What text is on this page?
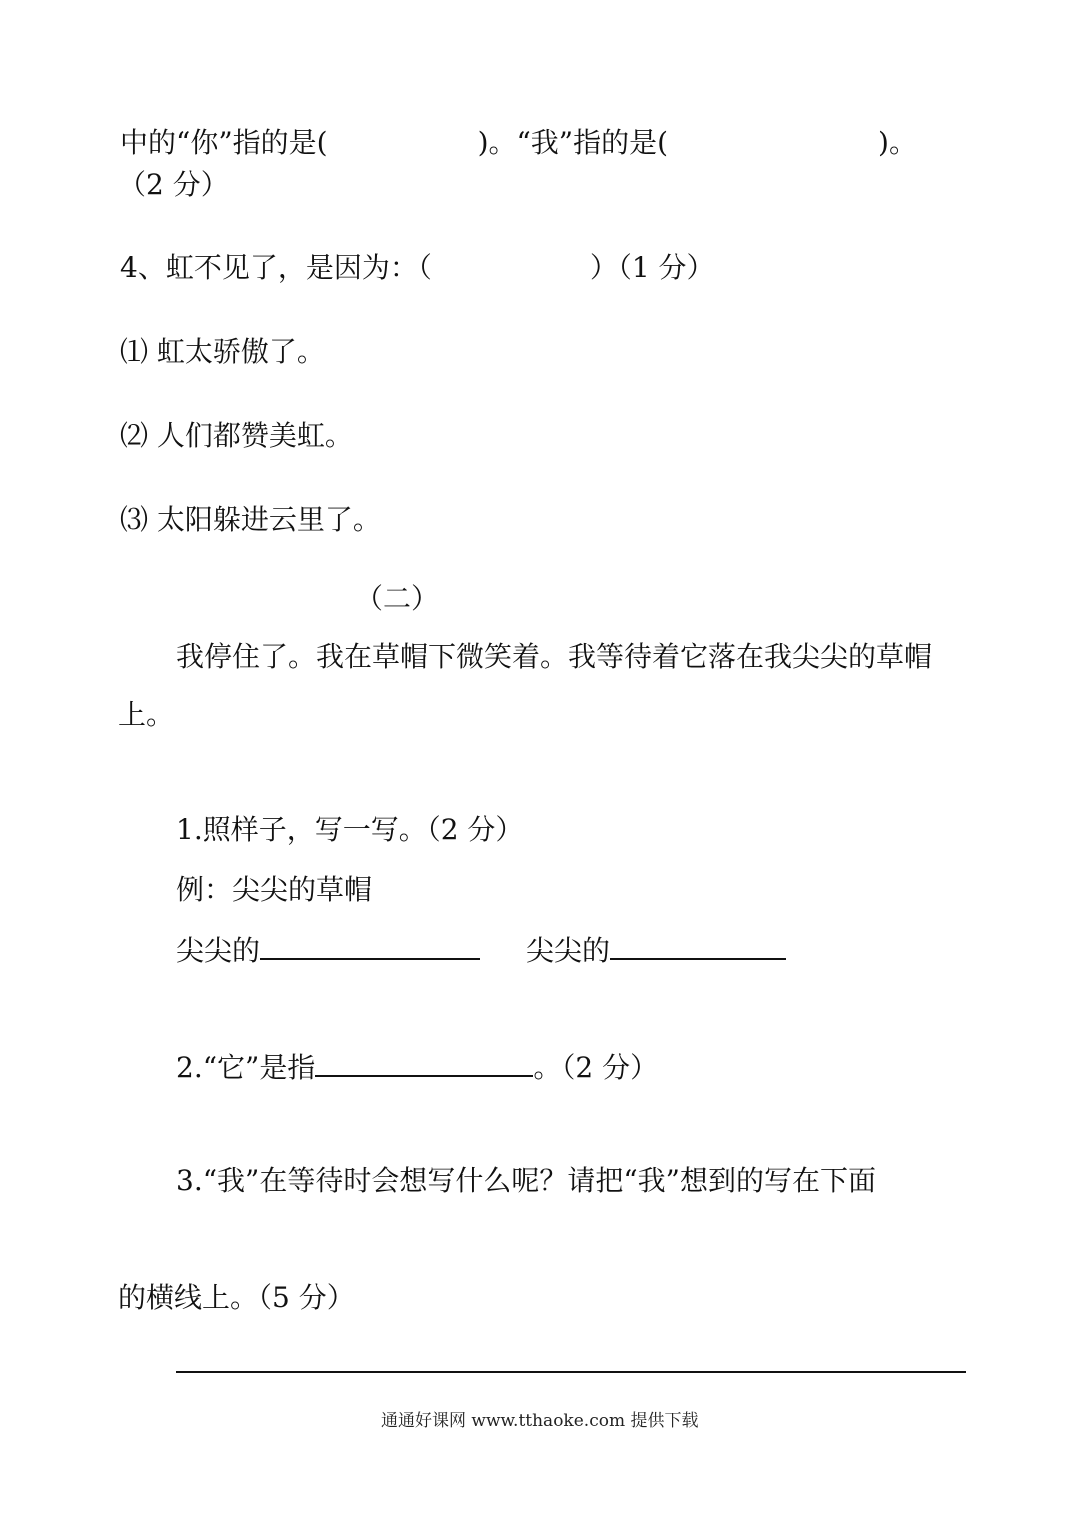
中的“你”指的是(	)。“我”指的是(	)。
（2 分）
4、虹不见了，是因为：（	）（1 分）
⑴ 虹太骄傲了。
⑵ 人们都赞美虹。
⑶ 太阳躲进云里了。
（二）
我停住了。我在草帽下微笑着。我等待着它落在我尖尖的草帽
上。
1.照样子，写一写。（2 分）
例：尖尖的草帽
尖尖的	尖尖的
2.“它”是指	。（2 分）
3.“我”在等待时会想写什么呢？请把“我”想到的写在下面
的横线上。（5 分）
通通好课网 www.tthaoke.com 提供下载
